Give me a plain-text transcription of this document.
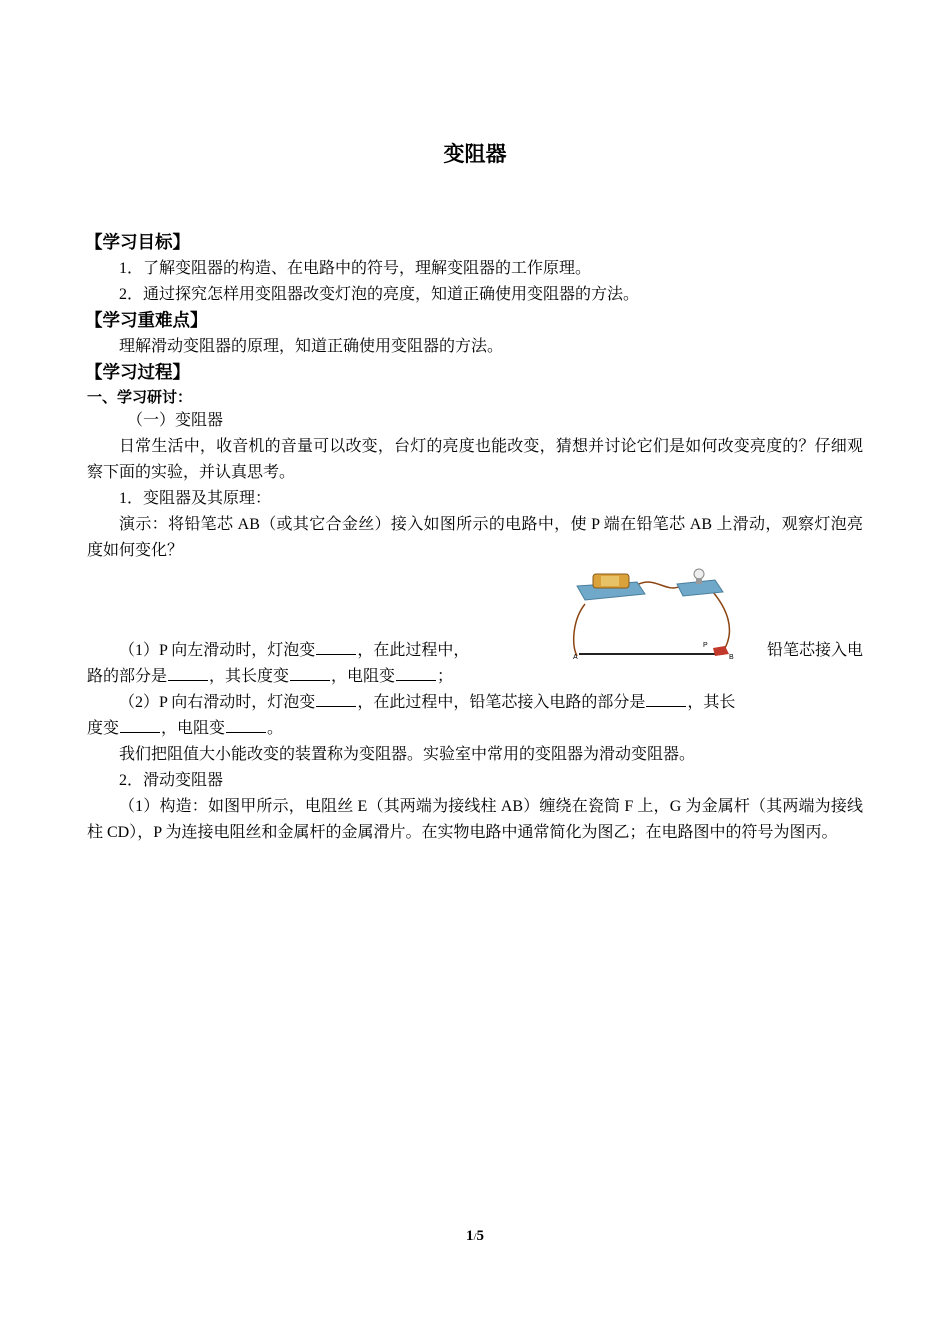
变阻器
【学习目标】
1．了解变阻器的构造、在电路中的符号，理解变阻器的工作原理。
2．通过探究怎样用变阻器改变灯泡的亮度，知道正确使用变阻器的方法。
【学习重难点】
理解滑动变阻器的原理，知道正确使用变阻器的方法。
【学习过程】
一、学习研讨：
（一）变阻器
日常生活中，收音机的音量可以改变，台灯的亮度也能改变，猜想并讨论它们是如何改变亮度的？仔细观察下面的实验，并认真思考。
1．变阻器及其原理：
演示：将铅笔芯 AB（或其它合金丝）接入如图所示的电路中，使 P 端在铅笔芯 AB 上滑动，观察灯泡亮度如何变化？
A
P
B
（1）P 向左滑动时，灯泡变	，在此过程中，	铅笔芯接入电
路的部分是	，其长度变	，电阻变	；
（2）P 向右滑动时，灯泡变	，在此过程中，铅笔芯接入电路的部分是	，其长
度变	，电阻变	。
我们把阻值大小能改变的装置称为变阻器。实验室中常用的变阻器为滑动变阻器。
2．滑动变阻器
（1）构造：如图甲所示，电阻丝 E（其两端为接线柱 AB）缠绕在瓷筒 F 上，G 为金属杆（其两端为接线柱 CD），P 为连接电阻丝和金属杆的金属滑片。在实物电路中通常简化为图乙；在电路图中的符号为图丙。
1/5
